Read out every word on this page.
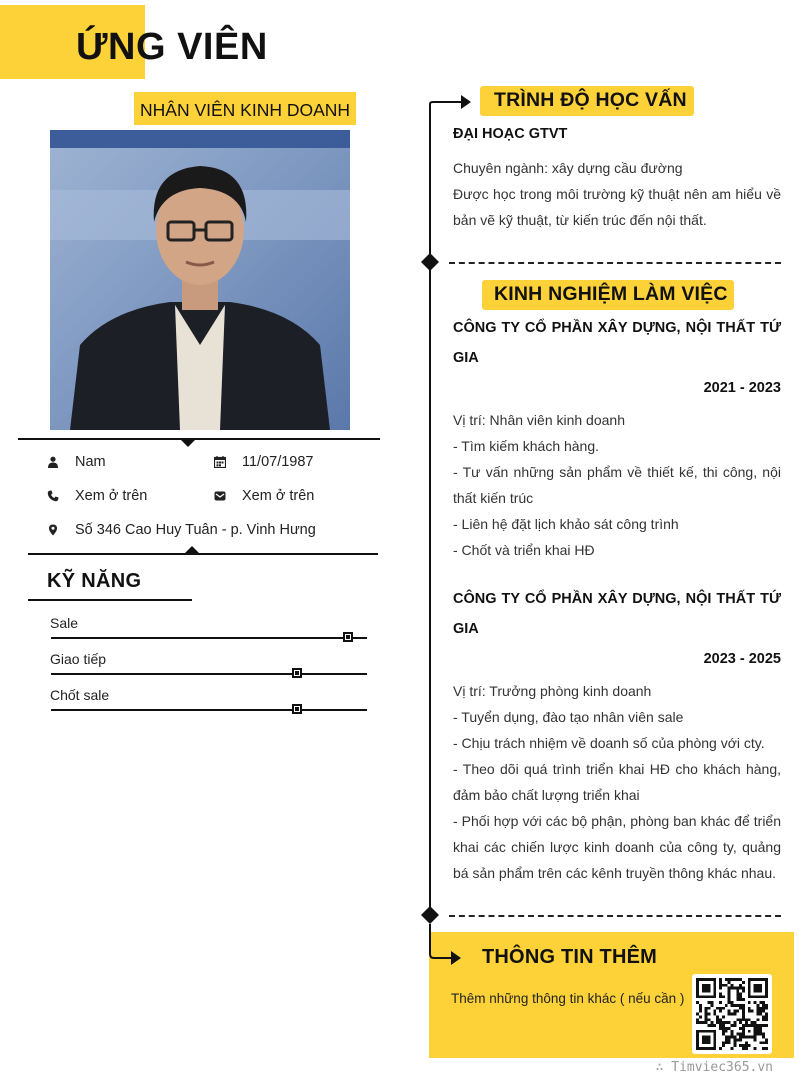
ỨNG VIÊN
NHÂN VIÊN KINH DOANH
Nam	11/07/1987
Xem ở trên	Xem ở trên
Số 346 Cao Huy Tuân - p. Vinh Hưng
KỸ NĂNG
Sale
Giao tiếp
Chốt sale
TRÌNH ĐỘ HỌC VẤN
ĐẠI HOẠC GTVT
Chuyên ngành: xây dựng cầu đường
Được học trong môi trường kỹ thuật nên am hiểu về bản vẽ kỹ thuật, từ kiến trúc đến nội thất.
KINH NGHIỆM LÀM VIỆC
CÔNG TY CỔ PHẦN XÂY DỰNG, NỘI THẤT TỨ GIA
2021 - 2023
Vị trí: Nhân viên kinh doanh
- Tìm kiếm khách hàng.
- Tư vấn những sản phẩm về thiết kế, thi công, nội thất kiến trúc
- Liên hệ đặt lịch khảo sát công trình
- Chốt và triển khai HĐ
CÔNG TY CỔ PHẦN XÂY DỰNG, NỘI THẤT TỨ GIA
2023 - 2025
Vị trí: Trưởng phòng kinh doanh
- Tuyển dụng, đào tạo nhân viên sale
- Chịu trách nhiệm về doanh số của phòng với cty.
- Theo dõi quá trình triển khai HĐ cho khách hàng, đảm bảo chất lượng triển khai
- Phối hợp với các bộ phận, phòng ban khác để triển khai các chiến lược kinh doanh của công ty, quảng bá sản phẩm trên các kênh truyền thông khác nhau.
THÔNG TIN THÊM
Thêm những thông tin khác ( nếu cần )
∴ Timviec365.vn
